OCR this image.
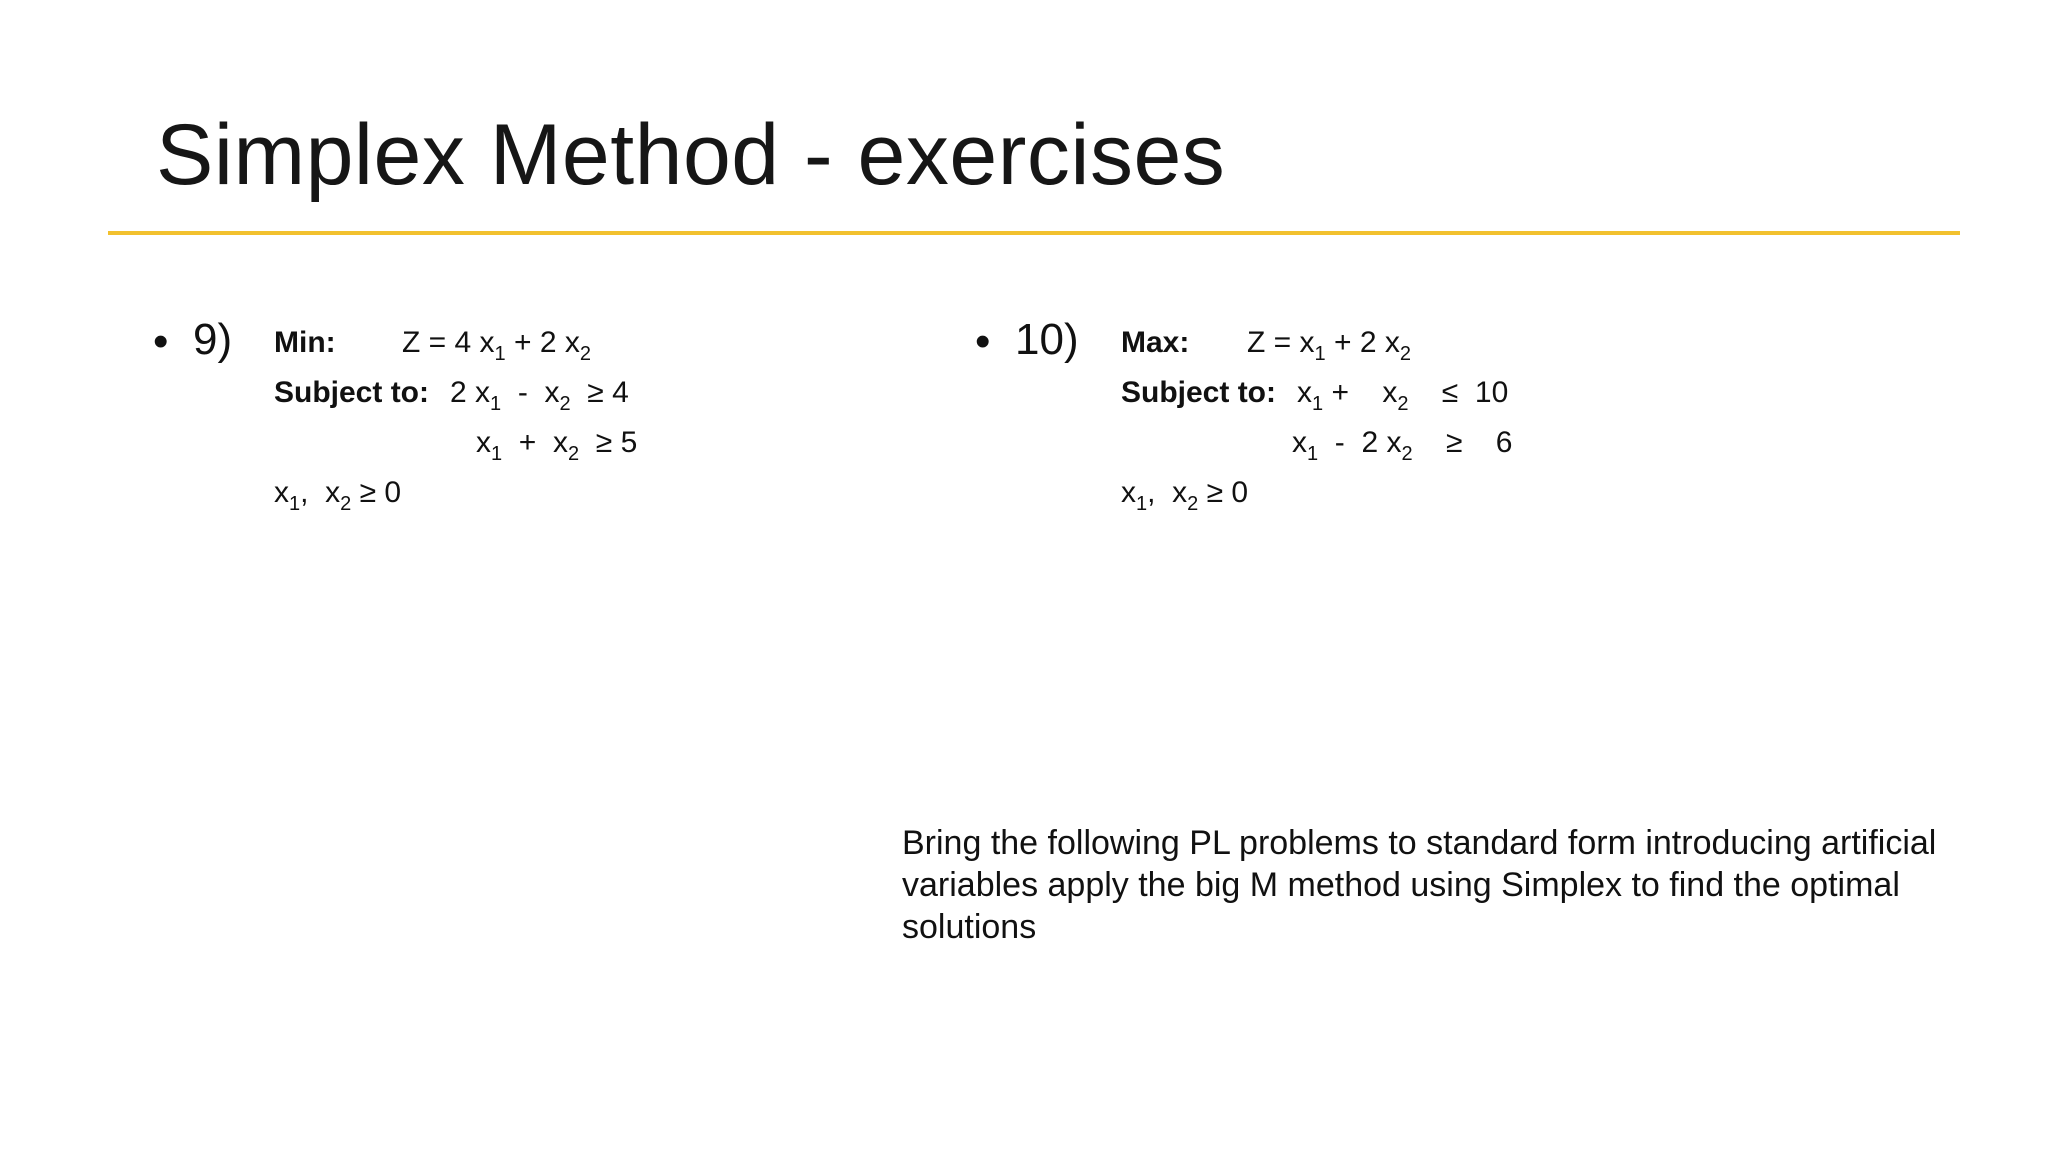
Simplex Method - exercises
• 9) Min: Z = 4 $x_1 + 2$ $x_2$
Subject to: 2 $x_1 - x_2 \ge 4$
$x_1 + x_2 \ge 5$
$x_1$,  $x_2 \ge 0$
• 10) Max: $Z = x_1 + 2$ $x_2$
Subject to: $x_1$ +    $x_2$    ≤  10
$x_1 - 2$ $x_2$    ≥    6
$x_1$,  $x_2 \ge 0$
Bring the following PL problems to standard form introducing artificial variables apply the big M method using Simplex to find the optimal solutions
